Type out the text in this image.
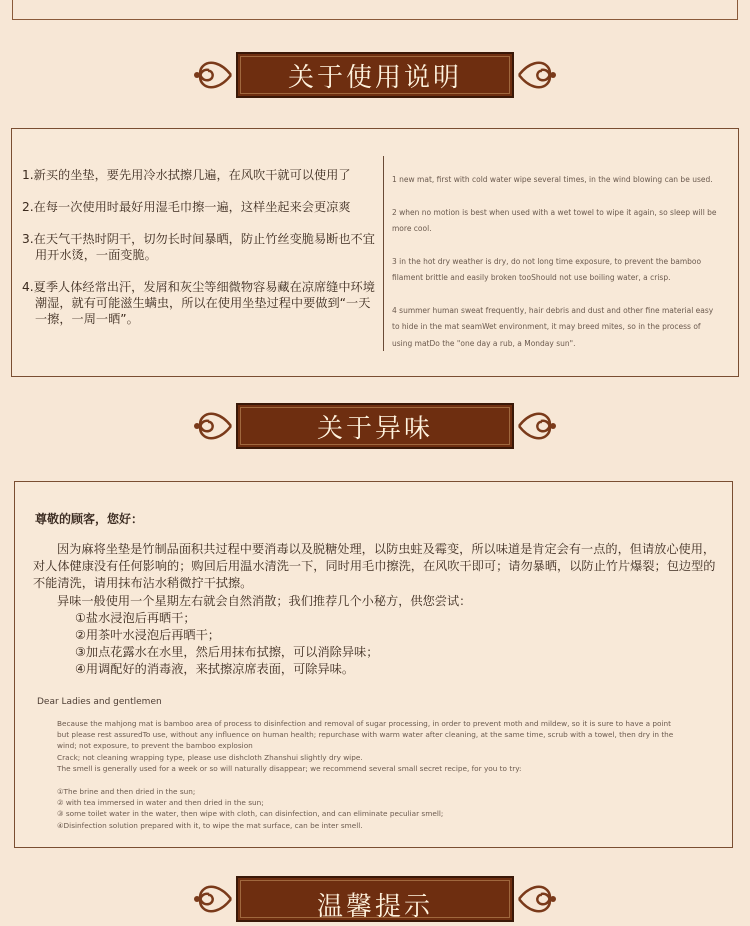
关于使用说明

1.新买的坐垫，要先用冷水拭擦几遍，在风吹干就可以使用了

2.在每一次使用时最好用湿毛巾擦一遍，这样坐起来会更凉爽

3.在天气干热时阴干，切勿长时间暴晒，防止竹丝变脆易断也不宜用开水烫，一面变脆。

4.夏季人体经常出汗，发屑和灰尘等细微物容易藏在凉席缝中环境潮湿，就有可能滋生螨虫，所以在使用坐垫过程中要做到“一天一擦，一周一晒”。

1 new mat, first with cold water wipe several times, in the wind blowing can be used.

2 when no motion is best when used with a wet towel to wipe it again, so sleep will be more cool.

3 in the hot dry weather is dry, do not long time exposure, to prevent the bamboo filament brittle and easily broken tooShould not use boiling water, a crisp.

4 summer human sweat frequently, hair debris and dust and other fine material easy to hide in the mat seamWet environment, it may breed mites, so in the process of using matDo the "one day a rub, a Monday sun".

关于异味
尊敬的顾客，您好：

因为麻将坐垫是竹制品面积共过程中要消毒以及脱糖处理，以防虫蛀及霉变，所以味道是肯定会有一点的，但请放心使用，对人体健康没有任何影响的；购回后用温水清洗一下，同时用毛巾擦洗，在风吹干即可；请勿暴晒，以防止竹片爆裂；包边型的不能清洗，请用抹布沾水稍微拧干拭擦。

异味一般使用一个星期左右就会自然消散；我们推荐几个小秘方，供您尝试：

①盐水浸泡后再晒干；

②用茶叶水浸泡后再晒干；

③加点花露水在水里，然后用抹布拭擦，可以消除异味；

④用调配好的消毒液，来拭擦凉席表面，可除异味。

Dear Ladies and gentlemen

Because the mahjong mat is bamboo area of process to disinfection and removal of sugar processing, in order to prevent moth and mildew, so it is sure to have a point

but please rest assuredTo use, without any influence on human health; repurchase with warm water after cleaning, at the same time, scrub with a towel, then dry in the

wind; not exposure, to prevent the bamboo explosion

Crack; not cleaning wrapping type, please use dishcloth Zhanshui slightly dry wipe.

The smell is generally used for a week or so will naturally disappear; we recommend several small secret recipe, for you to try:

①The brine and then dried in the sun;

② with tea immersed in water and then dried in the sun;

③ some toilet water in the water, then wipe with cloth, can disinfection, and can eliminate peculiar smell;

④Disinfection solution prepared with it, to wipe the mat surface, can be inter smell.

温馨提示
